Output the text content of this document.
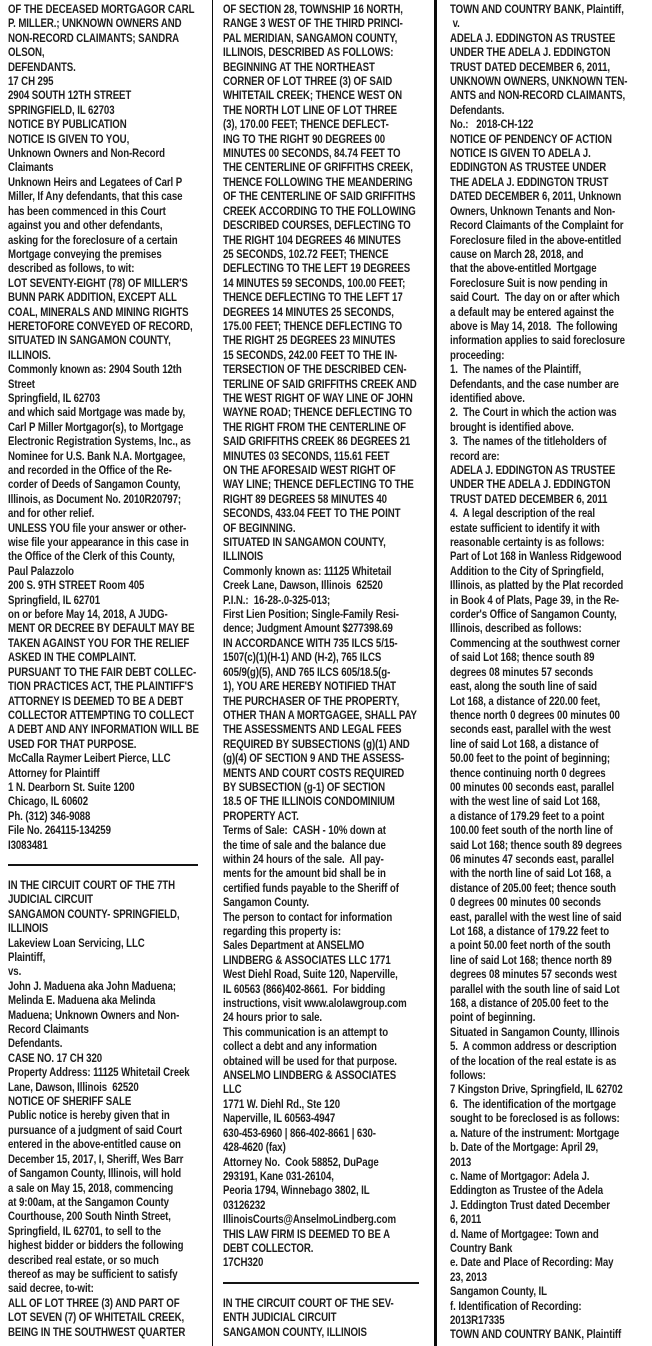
OF THE DECEASED MORTGAGOR CARL
P. MILLER.; UNKNOWN OWNERS AND
NON-RECORD CLAIMANTS; SANDRA
OLSON,
DEFENDANTS.
17 CH 295
2904 SOUTH 12TH STREET
SPRINGFIELD, IL 62703
NOTICE BY PUBLICATION
NOTICE IS GIVEN TO YOU,
Unknown Owners and Non-Record
Claimants
Unknown Heirs and Legatees of Carl P
Miller, If Any defendants, that this case
has been commenced in this Court
against you and other defendants,
asking for the foreclosure of a certain
Mortgage conveying the premises
described as follows, to wit:
LOT SEVENTY-EIGHT (78) OF MILLER'S
BUNN PARK ADDITION, EXCEPT ALL
COAL, MINERALS AND MINING RIGHTS
HERETOFORE CONVEYED OF RECORD,
SITUATED IN SANGAMON COUNTY,
ILLINOIS.
Commonly known as: 2904 South 12th
Street
Springfield, IL 62703
and which said Mortgage was made by,
Carl P Miller Mortgagor(s), to Mortgage
Electronic Registration Systems, Inc., as
Nominee for U.S. Bank N.A. Mortgagee,
and recorded in the Office of the Re-
corder of Deeds of Sangamon County,
Illinois, as Document No. 2010R20797;
and for other relief.
UNLESS YOU file your answer or other-
wise file your appearance in this case in
the Office of the Clerk of this County,
Paul Palazzolo
200 S. 9TH STREET Room 405
Springfield, IL 62701
on or before May 14, 2018, A JUDG-
MENT OR DECREE BY DEFAULT MAY BE
TAKEN AGAINST YOU FOR THE RELIEF
ASKED IN THE COMPLAINT.
PURSUANT TO THE FAIR DEBT COLLEC-
TION PRACTICES ACT, THE PLAINTIFF'S
ATTORNEY IS DEEMED TO BE A DEBT
COLLECTOR ATTEMPTING TO COLLECT
A DEBT AND ANY INFORMATION WILL BE
USED FOR THAT PURPOSE.
McCalla Raymer Leibert Pierce, LLC
Attorney for Plaintiff
1 N. Dearborn St. Suite 1200
Chicago, IL 60602
Ph. (312) 346-9088
File No. 264115-134259
I3083481
IN THE CIRCUIT COURT OF THE 7TH
JUDICIAL CIRCUIT
SANGAMON COUNTY- SPRINGFIELD,
ILLINOIS
Lakeview Loan Servicing, LLC
Plaintiff,
vs.
John J. Maduena aka John Maduena;
Melinda E. Maduena aka Melinda
Maduena; Unknown Owners and Non-
Record Claimants
Defendants.
CASE NO. 17 CH 320
Property Address: 11125 Whitetail Creek
Lane, Dawson, Illinois  62520
NOTICE OF SHERIFF SALE
Public notice is hereby given that in
pursuance of a judgment of said Court
entered in the above-entitled cause on
December 15, 2017, I, Sheriff, Wes Barr
of Sangamon County, Illinois, will hold
a sale on May 15, 2018, commencing
at 9:00am, at the Sangamon County
Courthouse, 200 South Ninth Street,
Springfield, IL 62701, to sell to the
highest bidder or bidders the following
described real estate, or so much
thereof as may be sufficient to satisfy
said decree, to-wit:
ALL OF LOT THREE (3) AND PART OF
LOT SEVEN (7) OF WHITETAIL CREEK,
BEING IN THE SOUTHWEST QUARTER
OF SECTION 28, TOWNSHIP 16 NORTH,
RANGE 3 WEST OF THE THIRD PRINCI-
PAL MERIDIAN, SANGAMON COUNTY,
ILLINOIS, DESCRIBED AS FOLLOWS:
BEGINNING AT THE NORTHEAST
CORNER OF LOT THREE (3) OF SAID
WHITETAIL CREEK; THENCE WEST ON
THE NORTH LOT LINE OF LOT THREE
(3), 170.00 FEET; THENCE DEFLECT-
ING TO THE RIGHT 90 DEGREES 00
MINUTES 00 SECONDS, 84.74 FEET TO
THE CENTERLINE OF GRIFFITHS CREEK,
THENCE FOLLOWING THE MEANDERING
OF THE CENTERLINE OF SAID GRIFFITHS
CREEK ACCORDING TO THE FOLLOWING
DESCRIBED COURSES, DEFLECTING TO
THE RIGHT 104 DEGREES 46 MINUTES
25 SECONDS, 102.72 FEET; THENCE
DEFLECTING TO THE LEFT 19 DEGREES
14 MINUTES 59 SECONDS, 100.00 FEET;
THENCE DEFLECTING TO THE LEFT 17
DEGREES 14 MINUTES 25 SECONDS,
175.00 FEET; THENCE DEFLECTING TO
THE RIGHT 25 DEGREES 23 MINUTES
15 SECONDS, 242.00 FEET TO THE IN-
TERSECTION OF THE DESCRIBED CEN-
TERLINE OF SAID GRIFFITHS CREEK AND
THE WEST RIGHT OF WAY LINE OF JOHN
WAYNE ROAD; THENCE DEFLECTING TO
THE RIGHT FROM THE CENTERLINE OF
SAID GRIFFITHS CREEK 86 DEGREES 21
MINUTES 03 SECONDS, 115.61 FEET
ON THE AFORESAID WEST RIGHT OF
WAY LINE; THENCE DEFLECTING TO THE
RIGHT 89 DEGREES 58 MINUTES 40
SECONDS, 433.04 FEET TO THE POINT
OF BEGINNING.
SITUATED IN SANGAMON COUNTY,
ILLINOIS
Commonly known as: 11125 Whitetail
Creek Lane, Dawson, Illinois  62520
P.I.N.:  16-28-.0-325-013;
First Lien Position; Single-Family Resi-
dence; Judgment Amount $277398.69
IN ACCORDANCE WITH 735 ILCS 5/15-
1507(c)(1)(H-1) AND (H-2), 765 ILCS
605/9(g)(5), AND 765 ILCS 605/18.5(g-
1), YOU ARE HEREBY NOTIFIED THAT
THE PURCHASER OF THE PROPERTY,
OTHER THAN A MORTGAGEE, SHALL PAY
THE ASSESSMENTS AND LEGAL FEES
REQUIRED BY SUBSECTIONS (g)(1) AND
(g)(4) OF SECTION 9 AND THE ASSESS-
MENTS AND COURT COSTS REQUIRED
BY SUBSECTION (g-1) OF SECTION
18.5 OF THE ILLINOIS CONDOMINIUM
PROPERTY ACT.
Terms of Sale:  CASH - 10% down at
the time of sale and the balance due
within 24 hours of the sale.  All pay-
ments for the amount bid shall be in
certified funds payable to the Sheriff of
Sangamon County.
The person to contact for information
regarding this property is:
Sales Department at ANSELMO
LINDBERG & ASSOCIATES LLC 1771
West Diehl Road, Suite 120, Naperville,
IL 60563 (866)402-8661.  For bidding
instructions, visit www.alolawgroup.com
24 hours prior to sale.
This communication is an attempt to
collect a debt and any information
obtained will be used for that purpose.
ANSELMO LINDBERG & ASSOCIATES
LLC
1771 W. Diehl Rd., Ste 120
Naperville, IL 60563-4947
630-453-6960 | 866-402-8661 | 630-
428-4620 (fax)
Attorney No.  Cook 58852, DuPage
293191, Kane 031-26104,
Peoria 1794, Winnebago 3802, IL
03126232
IllinoisCourts@AnselmoLindberg.com
THIS LAW FIRM IS DEEMED TO BE A
DEBT COLLECTOR.
17CH320
IN THE CIRCUIT COURT OF THE SEV-
ENTH JUDICIAL CIRCUIT
SANGAMON COUNTY, ILLINOIS
TOWN AND COUNTRY BANK, Plaintiff,
v.
ADELA J. EDDINGTON AS TRUSTEE
UNDER THE ADELA J. EDDINGTON
TRUST DATED DECEMBER 6, 2011,
UNKNOWN OWNERS, UNKNOWN TEN-
ANTS and NON-RECORD CLAIMANTS,
Defendants.
No.:   2018-CH-122
NOTICE OF PENDENCY OF ACTION
NOTICE IS GIVEN TO ADELA J.
EDDINGTON AS TRUSTEE UNDER
THE ADELA J. EDDINGTON TRUST
DATED DECEMBER 6, 2011, Unknown
Owners, Unknown Tenants and Non-
Record Claimants of the Complaint for
Foreclosure filed in the above-entitled
cause on March 28, 2018, and
that the above-entitled Mortgage
Foreclosure Suit is now pending in
said Court.  The day on or after which
a default may be entered against the
above is May 14, 2018.  The following
information applies to said foreclosure
proceeding:
1.  The names of the Plaintiff,
Defendants, and the case number are
identified above.
2.  The Court in which the action was
brought is identified above.
3.  The names of the titleholders of
record are:
ADELA J. EDDINGTON AS TRUSTEE
UNDER THE ADELA J. EDDINGTON
TRUST DATED DECEMBER 6, 2011
4.  A legal description of the real
estate sufficient to identify it with
reasonable certainty is as follows:
Part of Lot 168 in Wanless Ridgewood
Addition to the City of Springfield,
Illinois, as platted by the Plat recorded
in Book 4 of Plats, Page 39, in the Re-
corder's Office of Sangamon County,
Illinois, described as follows:
Commencing at the southwest corner
of said Lot 168; thence south 89
degrees 08 minutes 57 seconds
east, along the south line of said
Lot 168, a distance of 220.00 feet,
thence north 0 degrees 00 minutes 00
seconds east, parallel with the west
line of said Lot 168, a distance of
50.00 feet to the point of beginning;
thence continuing north 0 degrees
00 minutes 00 seconds east, parallel
with the west line of said Lot 168,
a distance of 179.29 feet to a point
100.00 feet south of the north line of
said Lot 168; thence south 89 degrees
06 minutes 47 seconds east, parallel
with the north line of said Lot 168, a
distance of 205.00 feet; thence south
0 degrees 00 minutes 00 seconds
east, parallel with the west line of said
Lot 168, a distance of 179.22 feet to
a point 50.00 feet north of the south
line of said Lot 168; thence north 89
degrees 08 minutes 57 seconds west
parallel with the south line of said Lot
168, a distance of 205.00 feet to the
point of beginning.
Situated in Sangamon County, Illinois
5.  A common address or description
of the location of the real estate is as
follows:
7 Kingston Drive, Springfield, IL 62702
6.  The identification of the mortgage
sought to be foreclosed is as follows:
a. Nature of the instrument: Mortgage
b. Date of the Mortgage: April 29,
2013
c. Name of Mortgagor: Adela J.
Eddington as Trustee of the Adela
J. Eddington Trust dated December
6, 2011
d. Name of Mortgagee: Town and
Country Bank
e. Date and Place of Recording: May
23, 2013
Sangamon County, IL
f. Identification of Recording:
2013R17335
TOWN AND COUNTRY BANK, Plaintiff
